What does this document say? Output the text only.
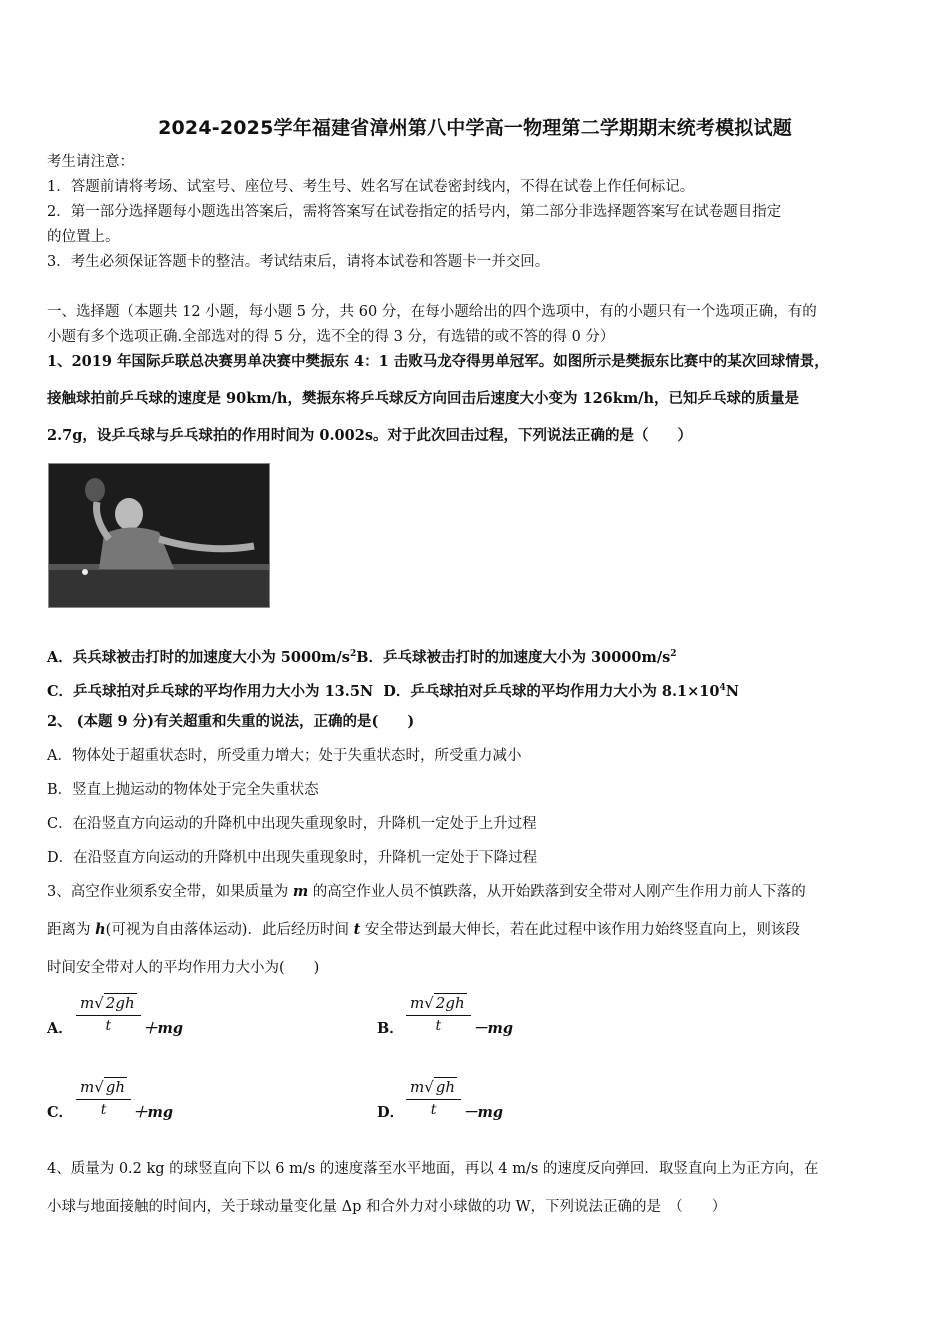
2024-2025学年福建省漳州第八中学高一物理第二学期期末统考模拟试题
考生请注意：
1．答题前请将考场、试室号、座位号、考生号、姓名写在试卷密封线内，不得在试卷上作任何标记。
2．第一部分选择题每小题选出答案后，需将答案写在试卷指定的括号内，第二部分非选择题答案写在试卷题目指定
的位置上。
3．考生必须保证答题卡的整洁。考试结束后，请将本试卷和答题卡一并交回。
一、选择题（本题共 12 小题，每小题 5 分，共 60 分，在每小题给出的四个选项中，有的小题只有一个选项正确，有的
小题有多个选项正确.全部选对的得 5 分，选不全的得 3 分，有选错的或不答的得 0 分）
1、2019 年国际乒联总决赛男单决赛中樊振东 4：1 击败马龙夺得男单冠军。如图所示是樊振东比赛中的某次回球情景，
接触球拍前乒乓球的速度是 90km/h，樊振东将乒乓球反方向回击后速度大小变为 126km/h，已知乒乓球的质量是
2.7g，设乒乓球与乒乓球拍的作用时间为 0.002s。对于此次回击过程，下列说法正确的是（　　）
A．兵兵球被击打时的加速度大小为 $5000m/s^2B$．乒乓球被击打时的加速度大小为 $30000m/s^2$
C．乒乓球拍对乒乓球的平均作用力大小为 13.5N D．乒乓球拍对乒乓球的平均作用力大小为 $8.1\times 10^4N$
2、 (本题 9 分)有关超重和失重的说法，正确的是(　　)
A．物体处于超重状态时，所受重力增大；处于失重状态时，所受重力减小
B．竖直上抛运动的物体处于完全失重状态
C．在沿竖直方向运动的升降机中出现失重现象时，升降机一定处于上升过程
D．在沿竖直方向运动的升降机中出现失重现象时，升降机一定处于下降过程
3、高空作业须系安全带，如果质量为 m 的高空作业人员不慎跌落，从开始跌落到安全带对人刚产生作用力前人下落的
距离为 h(可视为自由落体运动)．此后经历时间 t 安全带达到最大伸长，若在此过程中该作用力始终竖直向上，则该段
时间安全带对人的平均作用力大小为(　　)
A．
m √ 2gh
t ＋mg	B．
m √ 2gh
t －mg
C．
m √ gh
t ＋mg	D．
m √ gh
t －mg
4、质量为 0.2 kg 的球竖直向下以 6 m/s 的速度落至水平地面，再以 4 m/s 的速度反向弹回．取竖直向上为正方向，在
小球与地面接触的时间内，关于球动量变化量 Δp 和合外力对小球做的功 W，下列说法正确的是　（　　）
